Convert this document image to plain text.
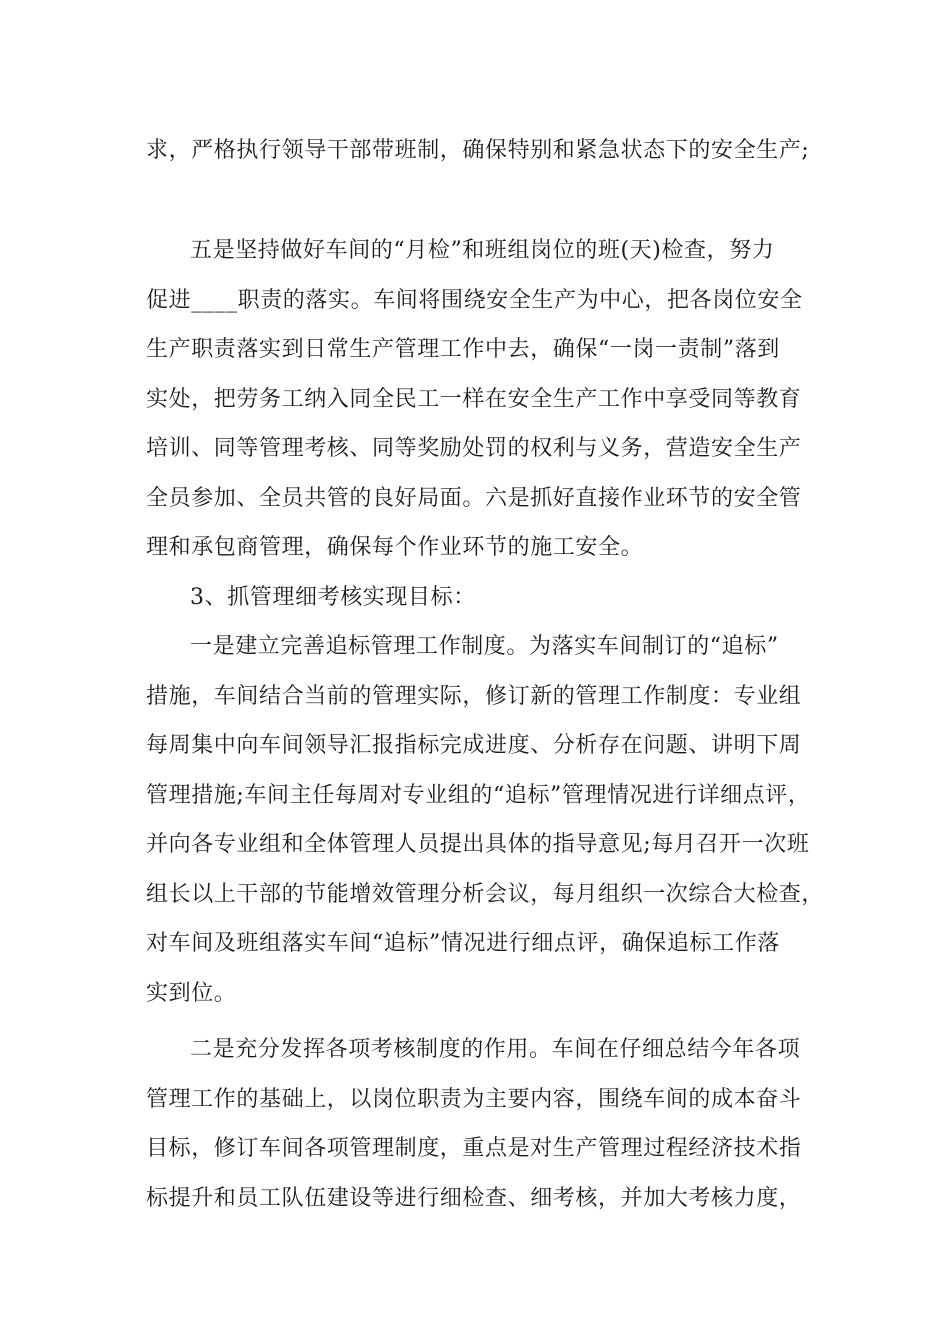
求，严格执行领导干部带班制，确保特别和紧急状态下的安全生产;
五是坚持做好车间的“月检”和班组岗位的班(天)检查，努力
促进____职责的落实。车间将围绕安全生产为中心，把各岗位安全
生产职责落实到日常生产管理工作中去，确保“一岗一责制”落到
实处，把劳务工纳入同全民工一样在安全生产工作中享受同等教育
培训、同等管理考核、同等奖励处罚的权利与义务，营造安全生产
全员参加、全员共管的良好局面。六是抓好直接作业环节的安全管
理和承包商管理，确保每个作业环节的施工安全。
3、抓管理细考核实现目标：
一是建立完善追标管理工作制度。为落实车间制订的“追标”
措施，车间结合当前的管理实际，修订新的管理工作制度：专业组
每周集中向车间领导汇报指标完成进度、分析存在问题、讲明下周
管理措施;车间主任每周对专业组的“追标”管理情况进行详细点评，
并向各专业组和全体管理人员提出具体的指导意见;每月召开一次班
组长以上干部的节能增效管理分析会议，每月组织一次综合大检查，
对车间及班组落实车间“追标”情况进行细点评，确保追标工作落
实到位。
二是充分发挥各项考核制度的作用。车间在仔细总结今年各项
管理工作的基础上，以岗位职责为主要内容，围绕车间的成本奋斗
目标，修订车间各项管理制度，重点是对生产管理过程经济技术指
标提升和员工队伍建设等进行细检查、细考核，并加大考核力度，
